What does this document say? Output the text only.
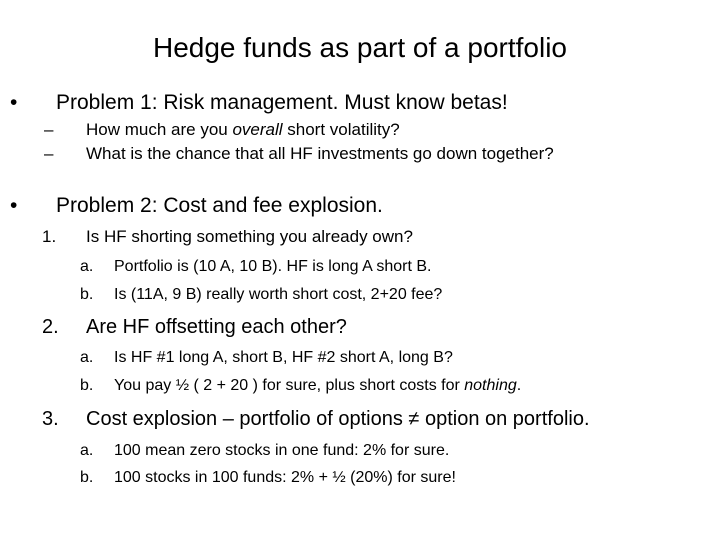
Hedge funds as part of a portfolio
• Problem 1: Risk management. Must know betas!
– How much are you overall short volatility?
– What is the chance that all HF investments go down together?
• Problem 2: Cost and fee explosion.
1. Is HF shorting something you already own?
a. Portfolio is (10 A, 10 B). HF is long A short B.
b. Is (11A, 9 B) really worth short cost, 2+20 fee?
2. Are HF offsetting each other?
a. Is HF #1 long A, short B, HF #2 short A, long B?
b. You pay ½ ( 2 + 20 ) for sure, plus short costs for nothing.
3. Cost explosion – portfolio of options ≠ option on portfolio.
a. 100 mean zero stocks in one fund: 2% for sure.
b. 100 stocks in 100 funds: 2% + ½ (20%) for sure!
